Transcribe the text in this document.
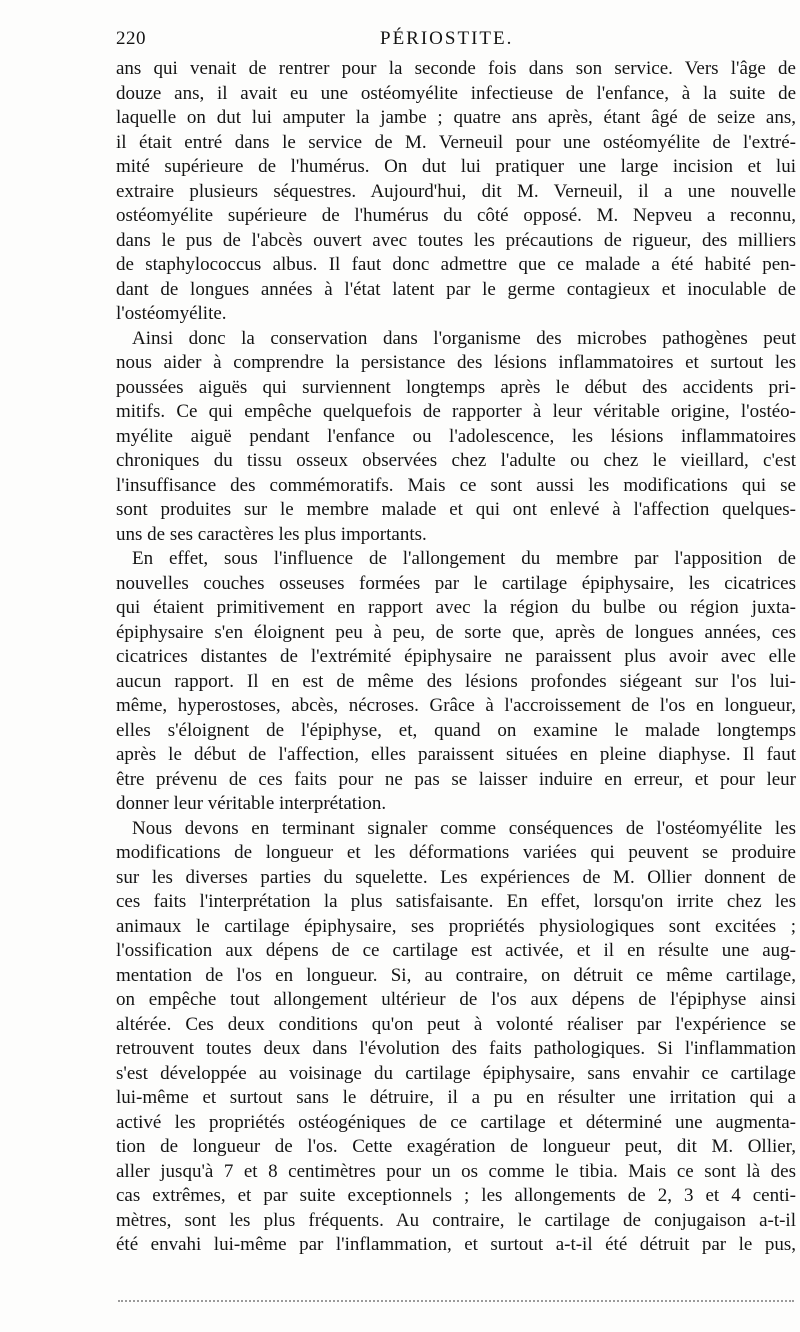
220	PÉRIOSTITE.
ans qui venait de rentrer pour la seconde fois dans son service. Vers l'âge de
douze ans, il avait eu une ostéomyélite infectieuse de l'enfance, à la suite de
laquelle on dut lui amputer la jambe ; quatre ans après, étant âgé de seize ans,
il était entré dans le service de M. Verneuil pour une ostéomyélite de l'extré-
mité supérieure de l'humérus. On dut lui pratiquer une large incision et lui
extraire plusieurs séquestres. Aujourd'hui, dit M. Verneuil, il a une nouvelle
ostéomyélite supérieure de l'humérus du côté opposé. M. Nepveu a reconnu,
dans le pus de l'abcès ouvert avec toutes les précautions de rigueur, des milliers
de staphylococcus albus. Il faut donc admettre que ce malade a été habité pen-
dant de longues années à l'état latent par le germe contagieux et inoculable de
l'ostéomyélite.
Ainsi donc la conservation dans l'organisme des microbes pathogènes peut
nous aider à comprendre la persistance des lésions inflammatoires et surtout les
poussées aiguës qui surviennent longtemps après le début des accidents pri-
mitifs. Ce qui empêche quelquefois de rapporter à leur véritable origine, l'ostéo-
myélite aiguë pendant l'enfance ou l'adolescence, les lésions inflammatoires
chroniques du tissu osseux observées chez l'adulte ou chez le vieillard, c'est
l'insuffisance des commémoratifs. Mais ce sont aussi les modifications qui se
sont produites sur le membre malade et qui ont enlevé à l'affection quelques-
uns de ses caractères les plus importants.
En effet, sous l'influence de l'allongement du membre par l'apposition de
nouvelles couches osseuses formées par le cartilage épiphysaire, les cicatrices
qui étaient primitivement en rapport avec la région du bulbe ou région juxta-
épiphysaire s'en éloignent peu à peu, de sorte que, après de longues années, ces
cicatrices distantes de l'extrémité épiphysaire ne paraissent plus avoir avec elle
aucun rapport. Il en est de même des lésions profondes siégeant sur l'os lui-
même, hyperostoses, abcès, nécroses. Grâce à l'accroissement de l'os en longueur,
elles s'éloignent de l'épiphyse, et, quand on examine le malade longtemps
après le début de l'affection, elles paraissent situées en pleine diaphyse. Il faut
être prévenu de ces faits pour ne pas se laisser induire en erreur, et pour leur
donner leur véritable interprétation.
Nous devons en terminant signaler comme conséquences de l'ostéomyélite les
modifications de longueur et les déformations variées qui peuvent se produire
sur les diverses parties du squelette. Les expériences de M. Ollier donnent de
ces faits l'interprétation la plus satisfaisante. En effet, lorsqu'on irrite chez les
animaux le cartilage épiphysaire, ses propriétés physiologiques sont excitées ;
l'ossification aux dépens de ce cartilage est activée, et il en résulte une aug-
mentation de l'os en longueur. Si, au contraire, on détruit ce même cartilage,
on empêche tout allongement ultérieur de l'os aux dépens de l'épiphyse ainsi
altérée. Ces deux conditions qu'on peut à volonté réaliser par l'expérience se
retrouvent toutes deux dans l'évolution des faits pathologiques. Si l'inflammation
s'est développée au voisinage du cartilage épiphysaire, sans envahir ce cartilage
lui-même et surtout sans le détruire, il a pu en résulter une irritation qui a
activé les propriétés ostéogéniques de ce cartilage et déterminé une augmenta-
tion de longueur de l'os. Cette exagération de longueur peut, dit M. Ollier,
aller jusqu'à 7 et 8 centimètres pour un os comme le tibia. Mais ce sont là des
cas extrêmes, et par suite exceptionnels ; les allongements de 2, 3 et 4 centi-
mètres, sont les plus fréquents. Au contraire, le cartilage de conjugaison a-t-il
été envahi lui-même par l'inflammation, et surtout a-t-il été détruit par le pus,
